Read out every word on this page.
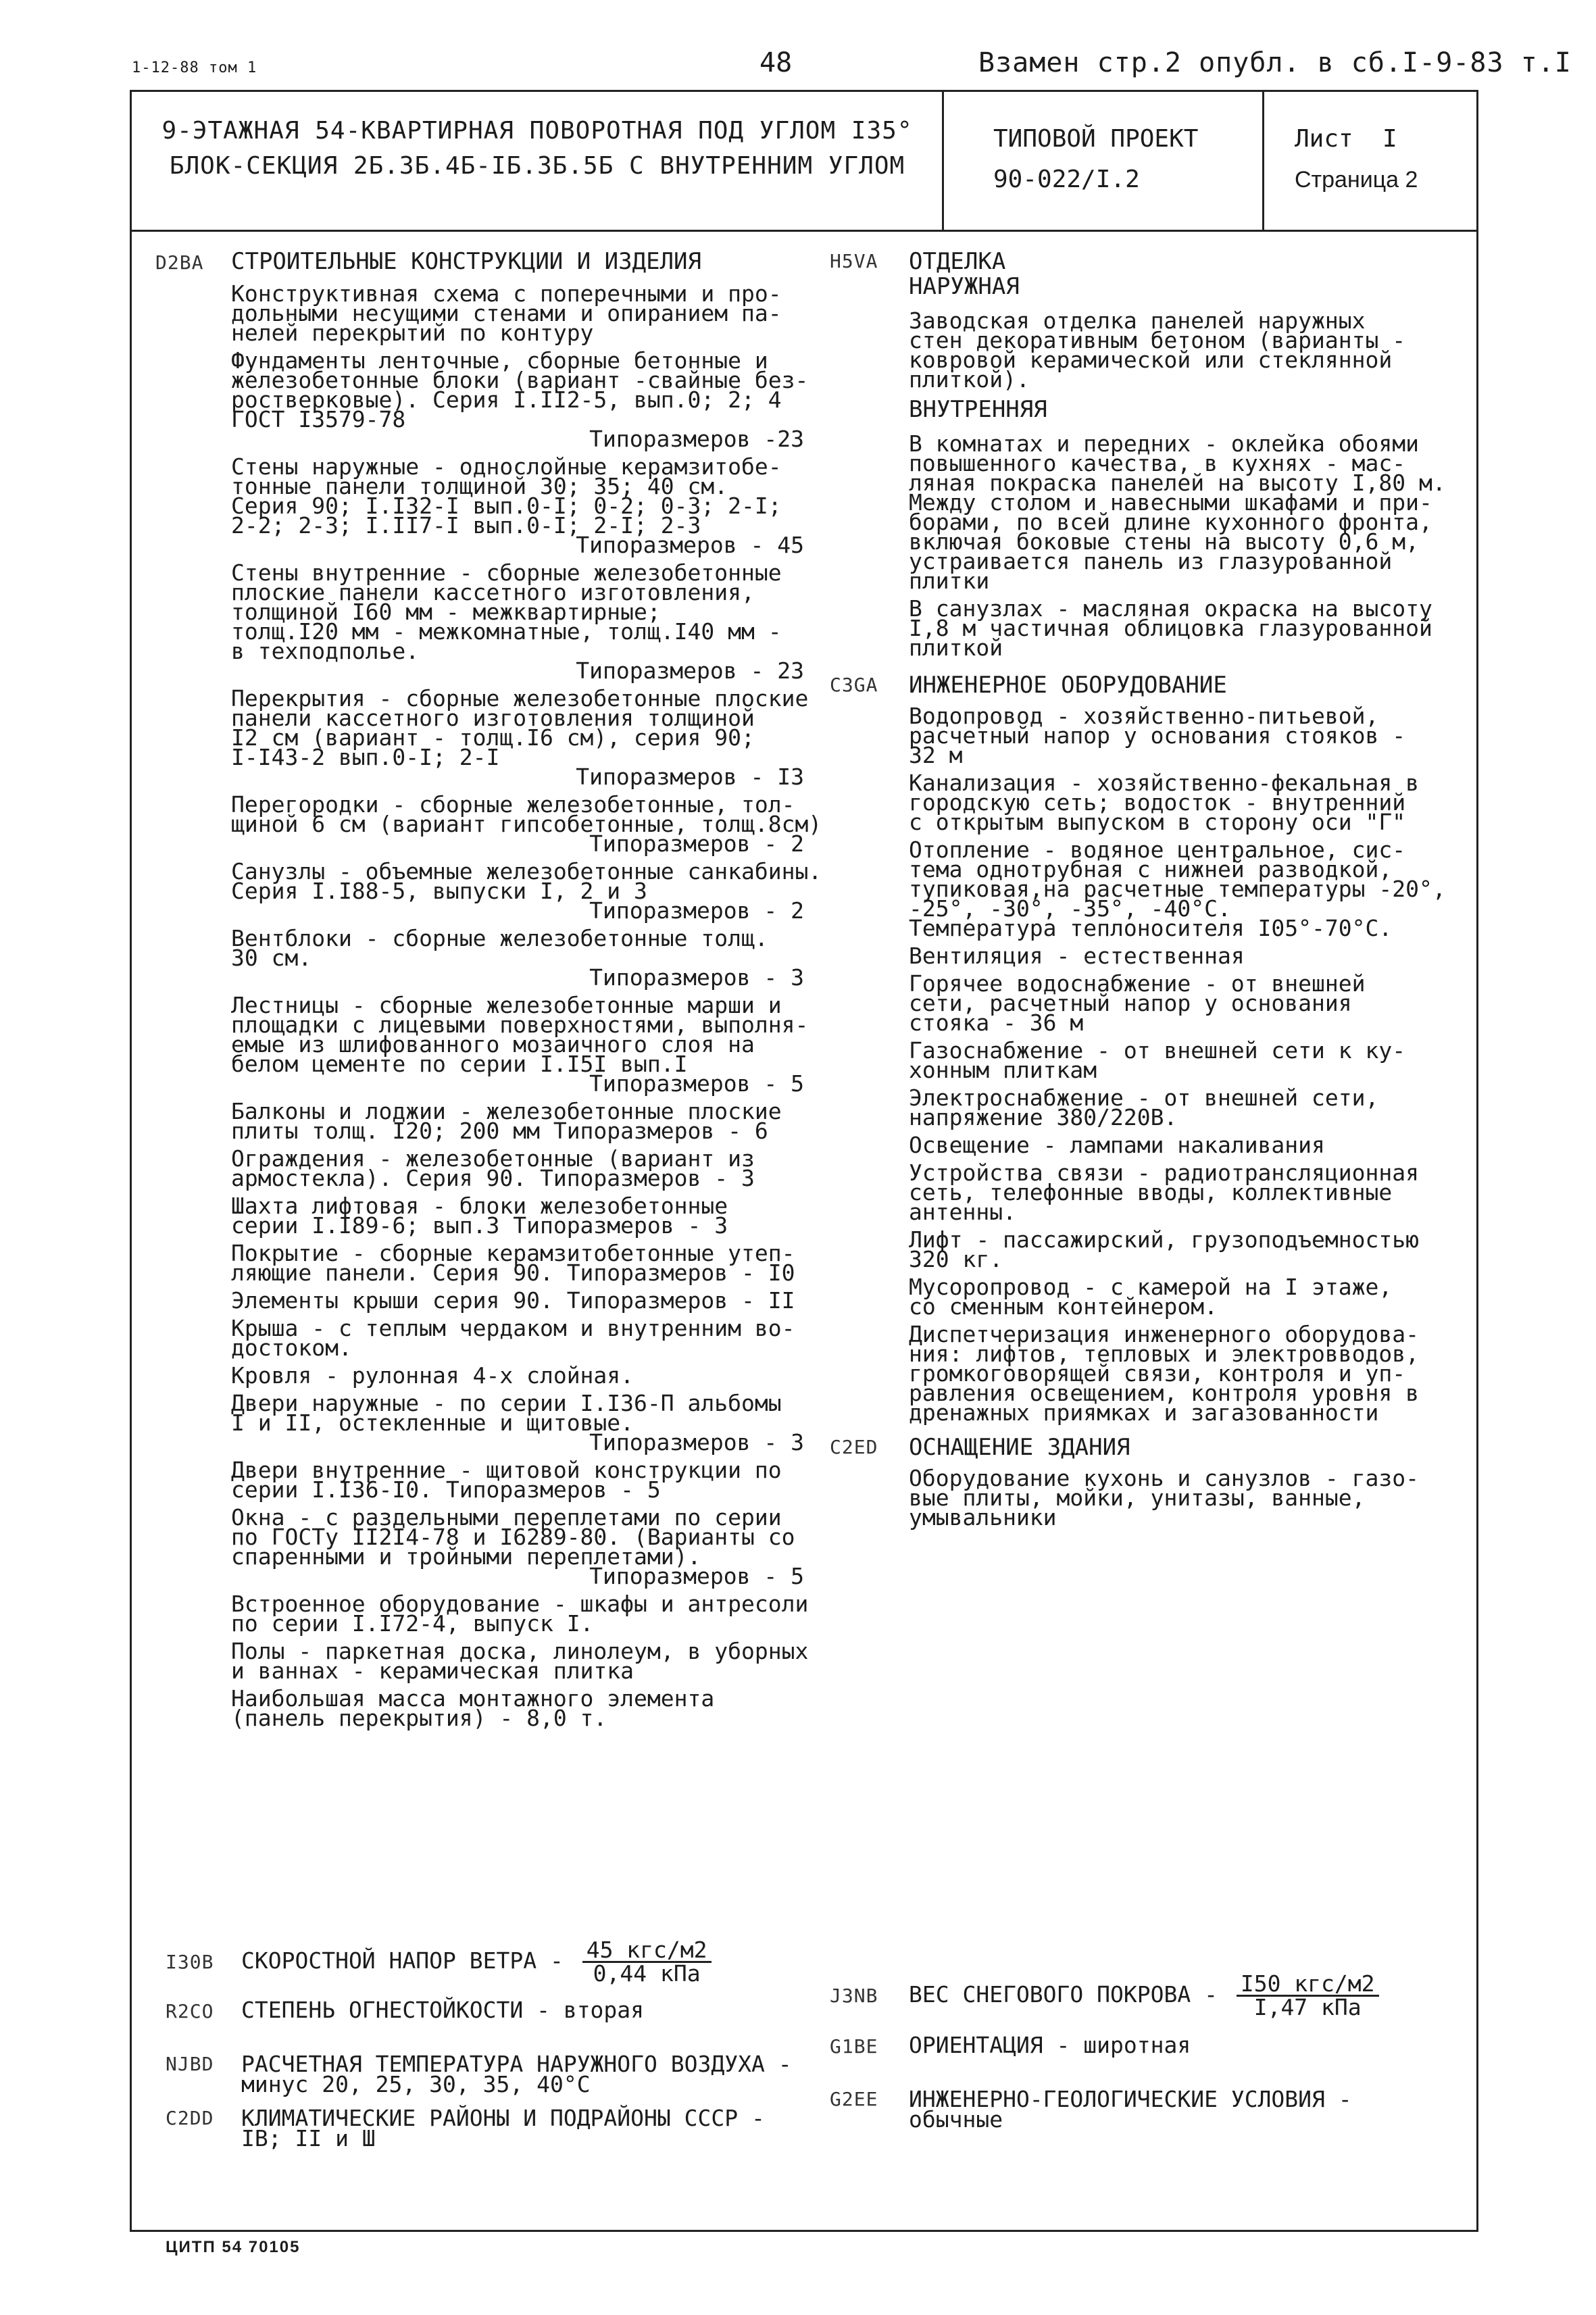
1-12-88 том 1	48	Взамен стр.2 опубл. в сб.I-9-83 т.I
9-ЭТАЖНАЯ 54-КВАРТИРНАЯ ПОВОРОТНАЯ ПОД УГЛОМ I35°
БЛОК-СЕКЦИЯ 2Б.3Б.4Б-IБ.3Б.5Б С ВНУТРЕННИМ УГЛОМ
ТИПОВОЙ ПРОЕКТ
90-022/I.2
Лист  I
Страница 2
D2BA СТРОИТЕЛЬНЫЕ КОНСТРУКЦИИ И ИЗДЕЛИЯ
Конструктивная схема с поперечными и про-
дольными несущими стенами и опиранием па-
нелей перекрытий по контуру
Фундаменты ленточные, сборные бетонные и
железобетонные блоки (вариант -свайные без-
ростверковые). Серия I.II2-5, вып.0; 2; 4
ГОСТ I3579-78
Типоразмеров -23
Стены наружные - однослойные керамзитобе-
тонные панели толщиной 30; 35; 40 см.
Серия 90; I.I32-I вып.0-I; 0-2; 0-3; 2-I;
2-2; 2-3; I.II7-I вып.0-I; 2-I; 2-3
Типоразмеров - 45
Стены внутренние - сборные железобетонные
плоские панели кассетного изготовления,
толщиной I60 мм - межквартирные;
толщ.I20 мм - межкомнатные, толщ.I40 мм -
в техподполье.
Типоразмеров - 23
Перекрытия - сборные железобетонные плоские
панели кассетного изготовления толщиной
I2 см (вариант - толщ.I6 см), серия 90;
I-I43-2 вып.0-I; 2-I
Типоразмеров - I3
Перегородки - сборные железобетонные, тол-
щиной 6 см (вариант гипсобетонные, толщ.8см)
Типоразмеров - 2
Санузлы - объемные железобетонные санкабины.
Серия I.I88-5, выпуски I, 2 и 3
Типоразмеров - 2
Вентблоки - сборные железобетонные толщ.
30 см.
Типоразмеров - 3
Лестницы - сборные железобетонные марши и
площадки с лицевыми поверхностями, выполня-
емые из шлифованного мозаичного слоя на
белом цементе по серии I.I5I вып.I
Типоразмеров - 5
Балконы и лоджии - железобетонные плоские
плиты толщ. I20; 200 мм Типоразмеров - 6
Ограждения - железобетонные (вариант из
армостекла). Серия 90. Типоразмеров - 3
Шахта лифтовая - блоки железобетонные
серии I.I89-6; вып.3 Типоразмеров - 3
Покрытие - сборные керамзитобетонные утеп-
ляющие панели. Серия 90. Типоразмеров - I0
Элементы крыши серия 90. Типоразмеров - II
Крыша - с теплым чердаком и внутренним во-
достоком.
Кровля - рулонная 4-х слойная.
Двери наружные - по серии I.I36-П альбомы
I и II, остекленные и щитовые.
Типоразмеров - 3
Двери внутренние - щитовой конструкции по
серии I.I36-I0. Типоразмеров - 5
Окна - с раздельными переплетами по серии
по ГОСТу II2I4-78 и I6289-80. (Варианты со
спаренными и тройными переплетами).
Типоразмеров - 5
Встроенное оборудование - шкафы и антресоли
по серии I.I72-4, выпуск I.
Полы - паркетная доска, линолеум, в уборных
и ваннах - керамическая плитка
Наибольшая масса монтажного элемента
(панель перекрытия) - 8,0 т.
H5VA	ОТДЕЛКА
НАРУЖНАЯ
Заводская отделка панелей наружных
стен декоративным бетоном (варианты -
ковровой керамической или стеклянной
плиткой).
ВНУТРЕННЯЯ
В комнатах и передних - оклейка обоями
повышенного качества, в кухнях - мас-
ляная покраска панелей на высоту I,80 м.
Между столом и навесными шкафами и при-
борами, по всей длине кухонного фронта,
включая боковые стены на высоту 0,6 м,
устраивается панель из глазурованной
плитки
В санузлах - масляная окраска на высоту
I,8 м частичная облицовка глазурованной
плиткой
C3GA	ИНЖЕНЕРНОЕ ОБОРУДОВАНИЕ
Водопровод - хозяйственно-питьевой,
расчетный напор у основания стояков -
32 м
Канализация - хозяйственно-фекальная в
городскую сеть; водосток - внутренний
с открытым выпуском в сторону оси "Г"
Отопление - водяное центральное, сис-
тема однотрубная с нижней разводкой,
тупиковая,на расчетные температуры -20°,
-25°, -30°, -35°, -40°С.
Температура теплоносителя I05°-70°С.
Вентиляция - естественная
Горячее водоснабжение - от внешней
сети, расчетный напор у основания
стояка - 36 м
Газоснабжение - от внешней сети к ку-
хонным плиткам
Электроснабжение - от внешней сети,
напряжение 380/220В.
Освещение - лампами накаливания
Устройства связи - радиотрансляционная
сеть, телефонные вводы, коллективные
антенны.
Лифт - пассажирский, грузоподъемностью
320 кг.
Мусоропровод - с камерой на I этаже,
со сменным контейнером.
Диспетчеризация инженерного оборудова-
ния: лифтов, тепловых и электровводов,
громкоговорящей связи, контроля и уп-
равления освещением, контроля уровня в
дренажных приямках и загазованности
C2ED	ОСНАЩЕНИЕ ЗДАНИЯ
Оборудование кухонь и санузлов - газо-
вые плиты, мойки, унитазы, ванные,
умывальники
I30B СКОРОСТНОЙ НАПОР ВЕТРА - $\frac{\text{45 кгс/м2}}{\text{0,44 кПа}}$
R2CO СТЕПЕНЬ ОГНЕСТОЙКОСТИ - вторая

NJBD РАСЧЕТНАЯ ТЕМПЕРАТУРА НАРУЖНОГО ВОЗДУХА -
минус 20, 25, 30, 35, 40°С

C2DD КЛИМАТИЧЕСКИЕ РАЙОНЫ И ПОДРАЙОНЫ СССР -
IВ; II и Ш

J3NB ВЕС СНЕГОВОГО ПОКРОВА - $\frac{\text{I50 кгс/м2}}{\text{I,47 кПа}}$
G1BE ОРИЕНТАЦИЯ - широтная

G2EE ИНЖЕНЕРНО-ГЕОЛОГИЧЕСКИЕ УСЛОВИЯ -
обычные

ЦИТП 54 70105
